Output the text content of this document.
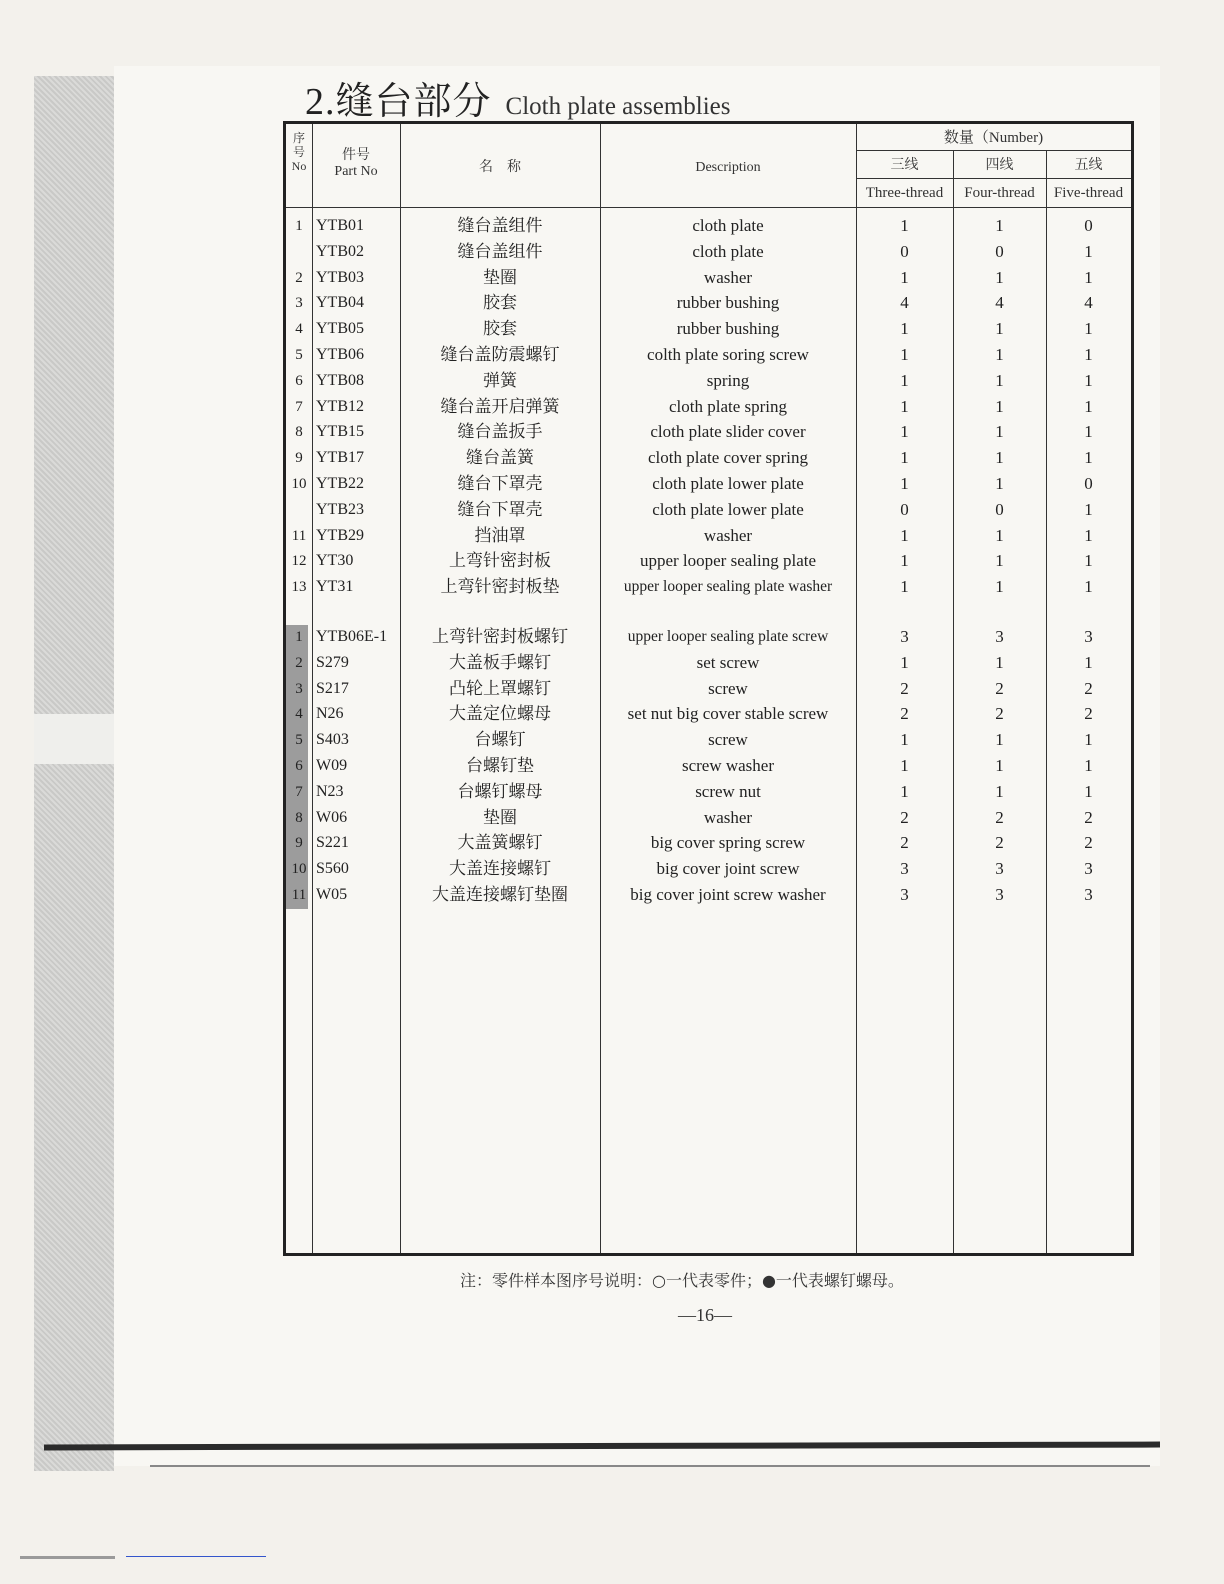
2.缝台部分 Cloth plate assemblies
序
号
No
件号
Part No	名　称	Description
数量（Number)
三线	四线	五线
Three-thread	Four-thread	Five-thread
1 YTB01	缝台盖组件	cloth plate	1	1	0
YTB02	缝台盖组件	cloth plate	0	0	1
2 YTB03	垫圈	washer	1	1	1
3 YTB04	胶套	rubber bushing	4	4	4
4 YTB05	胶套	rubber bushing	1	1	1
5 YTB06	缝台盖防震螺钉	colth plate soring screw	1	1	1
6 YTB08	弹簧	spring	1	1	1
7 YTB12	缝台盖开启弹簧	cloth plate spring	1	1	1
8 YTB15	缝台盖扳手	cloth plate slider cover	1	1	1
9 YTB17	缝台盖簧	cloth plate cover spring	1	1	1
10 YTB22	缝台下罩壳	cloth plate lower plate	1	1	0
YTB23	缝台下罩壳	cloth plate lower plate	0	0	1
11 YTB29	挡油罩	washer	1	1	1
12 YT30	上弯针密封板	upper looper sealing plate	1	1	1
13 YT31	上弯针密封板垫	upper looper sealing plate washer	1	1	1
1 YTB06E-1	上弯针密封板螺钉	upper looper sealing plate screw	3	3	3
2 S279	大盖板手螺钉	set screw	1	1	1
3 S217	凸轮上罩螺钉	screw	2	2	2
4 N26	大盖定位螺母	set nut big cover stable screw	2	2	2
5 S403	台螺钉	screw	1	1	1
6 W09	台螺钉垫	screw washer	1	1	1
7 N23	台螺钉螺母	screw nut	1	1	1
8 W06	垫圈	washer	2	2	2
9 S221	大盖簧螺钉	big cover spring screw	2	2	2
10 S560	大盖连接螺钉	big cover joint screw	3	3	3
11 W05	大盖连接螺钉垫圈	big cover joint screw washer	3	3	3
注：零件样本图序号说明：○一代表零件；●一代表螺钉螺母。
—16—
